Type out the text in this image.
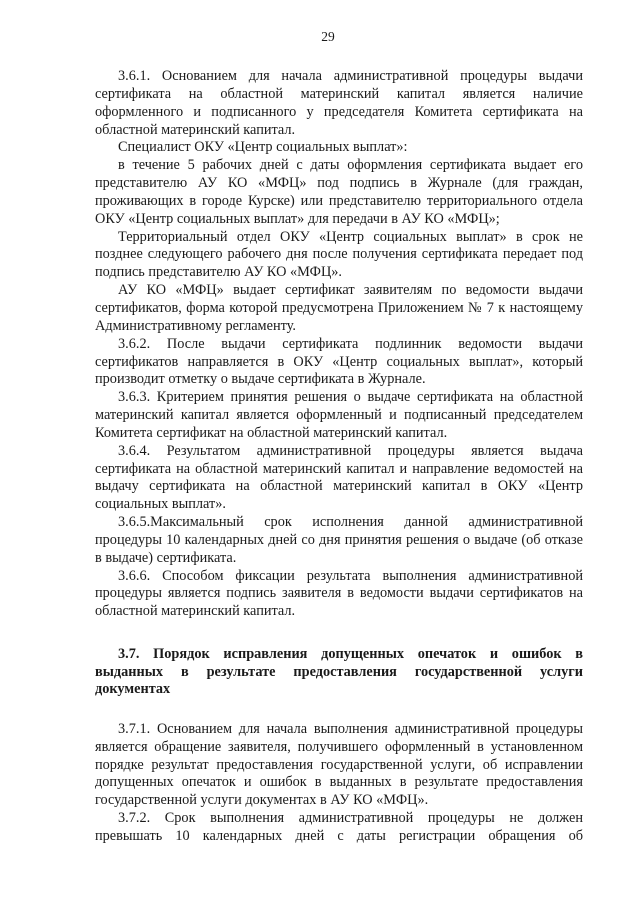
29

3.6.1. Основанием для начала административной процедуры выдачи сертификата на областной материнский капитал является наличие оформленного и подписанного у председателя Комитета сертификата на областной материнский капитал.

Специалист ОКУ «Центр социальных выплат»:

в течение 5 рабочих дней с даты оформления сертификата выдает его представителю АУ КО «МФЦ» под подпись в Журнале (для граждан, проживающих в городе Курске) или представителю территориального отдела ОКУ «Центр социальных выплат» для передачи в АУ КО «МФЦ»;

Территориальный отдел ОКУ «Центр социальных выплат» в срок не позднее следующего рабочего дня после получения сертификата передает под подпись представителю АУ КО «МФЦ».

АУ КО «МФЦ» выдает сертификат заявителям по ведомости выдачи сертификатов, форма которой предусмотрена Приложением № 7 к настоящему Административному регламенту.

3.6.2. После выдачи сертификата подлинник ведомости выдачи сертификатов направляется в ОКУ «Центр социальных выплат», который производит отметку о выдаче сертификата в Журнале.

3.6.3. Критерием принятия решения о выдаче сертификата на областной материнский капитал является оформленный и подписанный председателем Комитета сертификат на областной материнский капитал.

3.6.4. Результатом административной процедуры является выдача сертификата на областной материнский капитал и направление ведомостей на выдачу сертификата на областной материнский капитал в ОКУ «Центр социальных выплат».

3.6.5.Максимальный срок исполнения данной административной процедуры 10 календарных дней со дня принятия решения о выдаче (об отказе в выдаче) сертификата.

3.6.6. Способом фиксации результата выполнения административной процедуры является подпись заявителя в ведомости выдачи сертификатов на областной материнский капитал.

3.7. Порядок исправления допущенных опечаток и ошибок в выданных в результате предоставления государственной услуги документах

3.7.1. Основанием для начала выполнения административной процедуры является обращение заявителя, получившего оформленный в установленном порядке результат предоставления государственной услуги, об исправлении допущенных опечаток и ошибок в выданных в результате предоставления государственной услуги документах в АУ КО «МФЦ».

3.7.2. Срок выполнения административной процедуры не должен превышать 10 календарных дней с даты регистрации обращения об
